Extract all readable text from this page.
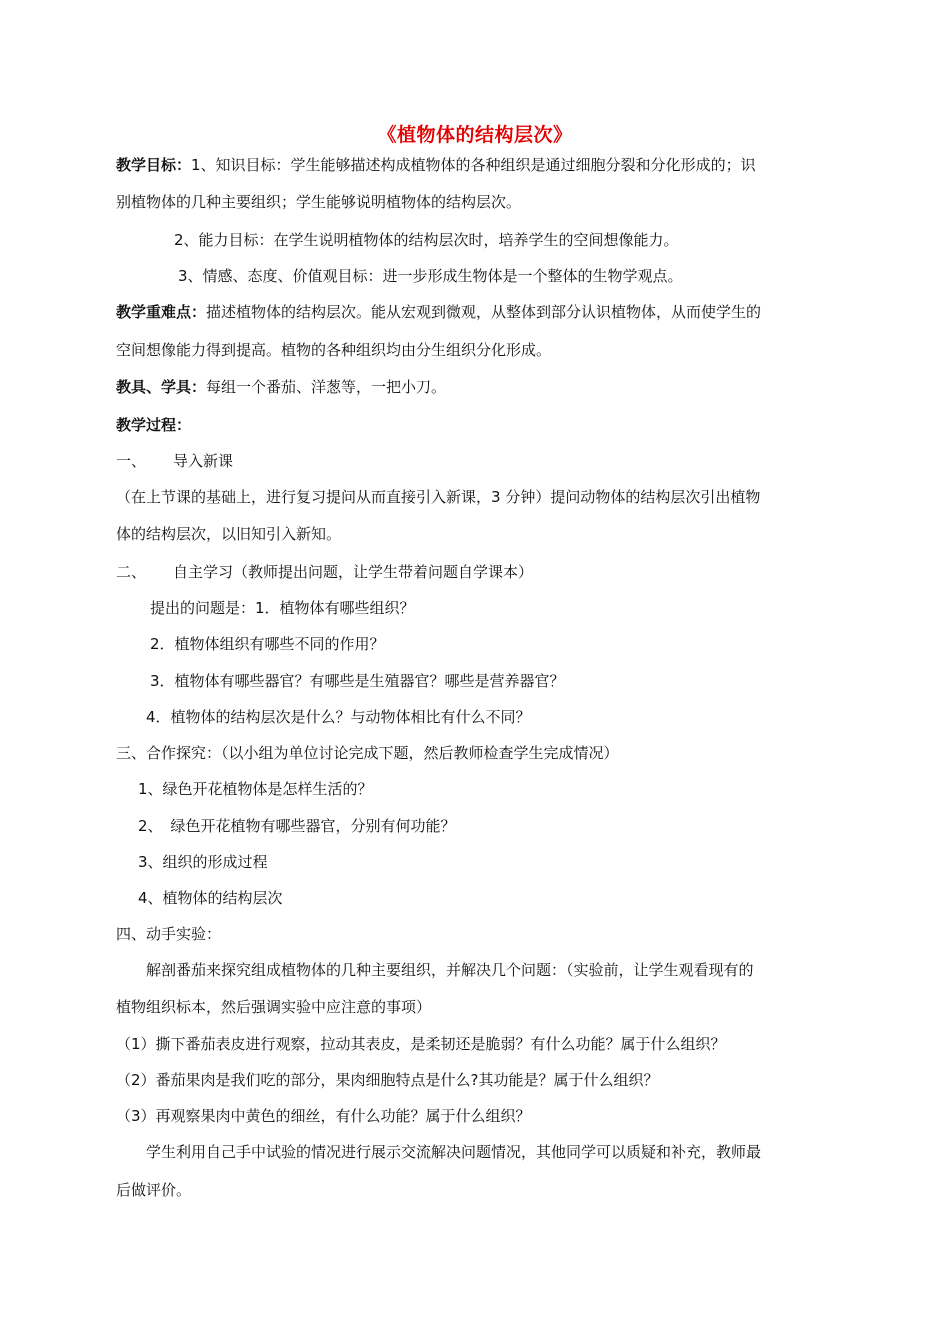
《植物体的结构层次》
教学目标：1、知识目标：学生能够描述构成植物体的各种组织是通过细胞分裂和分化形成的；识
别植物体的几种主要组织；学生能够说明植物体的结构层次。
2、能力目标：在学生说明植物体的结构层次时，培养学生的空间想像能力。
3、情感、态度、价值观目标：进一步形成生物体是一个整体的生物学观点。
教学重难点：描述植物体的结构层次。能从宏观到微观，从整体到部分认识植物体，从而使学生的
空间想像能力得到提高。植物的各种组织均由分生组织分化形成。
教具、学具：每组一个番茄、洋葱等，一把小刀。
教学过程：
一、 导入新课
（在上节课的基础上，进行复习提问从而直接引入新课，3 分钟）提问动物体的结构层次引出植物
体的结构层次，以旧知引入新知。
二、 自主学习（教师提出问题，让学生带着问题自学课本）
提出的问题是：1．植物体有哪些组织？
2．植物体组织有哪些不同的作用？
3．植物体有哪些器官？有哪些是生殖器官？哪些是营养器官？
4．植物体的结构层次是什么？与动物体相比有什么不同？
三、合作探究：（以小组为单位讨论完成下题，然后教师检查学生完成情况）
1、绿色开花植物体是怎样生活的？
2、 绿色开花植物有哪些器官，分别有何功能？
3、组织的形成过程
4、植物体的结构层次
四、动手实验：
解剖番茄来探究组成植物体的几种主要组织，并解决几个问题：（实验前，让学生观看现有的
植物组织标本，然后强调实验中应注意的事项）
（1）撕下番茄表皮进行观察，拉动其表皮，是柔韧还是脆弱？有什么功能？属于什么组织？
（2）番茄果肉是我们吃的部分，果肉细胞特点是什么?其功能是？属于什么组织？
（3）再观察果肉中黄色的细丝，有什么功能？属于什么组织？
学生利用自己手中试验的情况进行展示交流解决问题情况，其他同学可以质疑和补充，教师最
后做评价。
